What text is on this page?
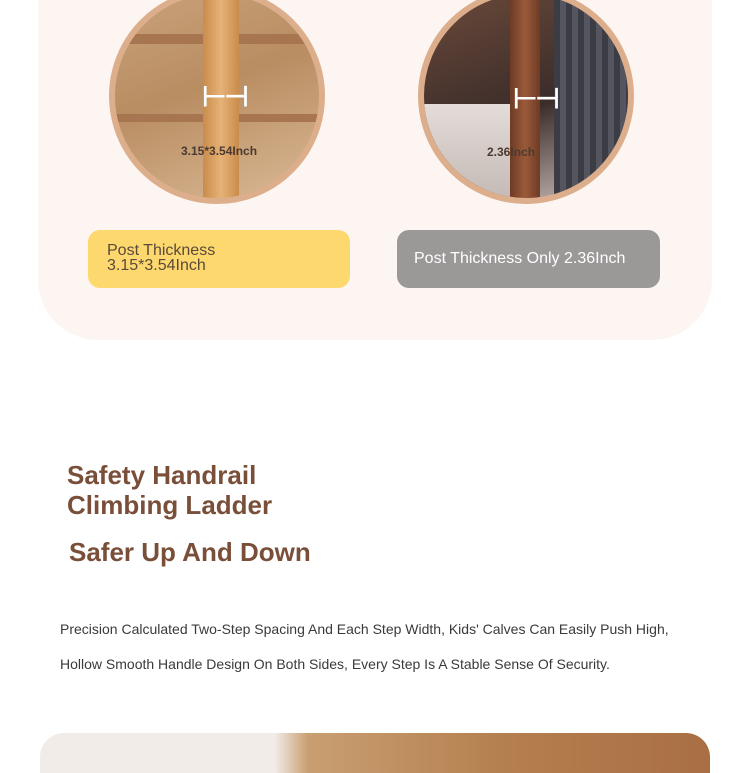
⊢⊣
3.15*3.54Inch
⊢⊣
2.36Inch
Post Thickness
3.15*3.54Inch	Post Thickness Only 2.36Inch
Safety Handrail
Climbing Ladder
Safer Up And Down
Precision Calculated Two-Step Spacing And Each Step Width, Kids' Calves Can Easily Push High,
Hollow Smooth Handle Design On Both Sides, Every Step Is A Stable Sense Of Security.
